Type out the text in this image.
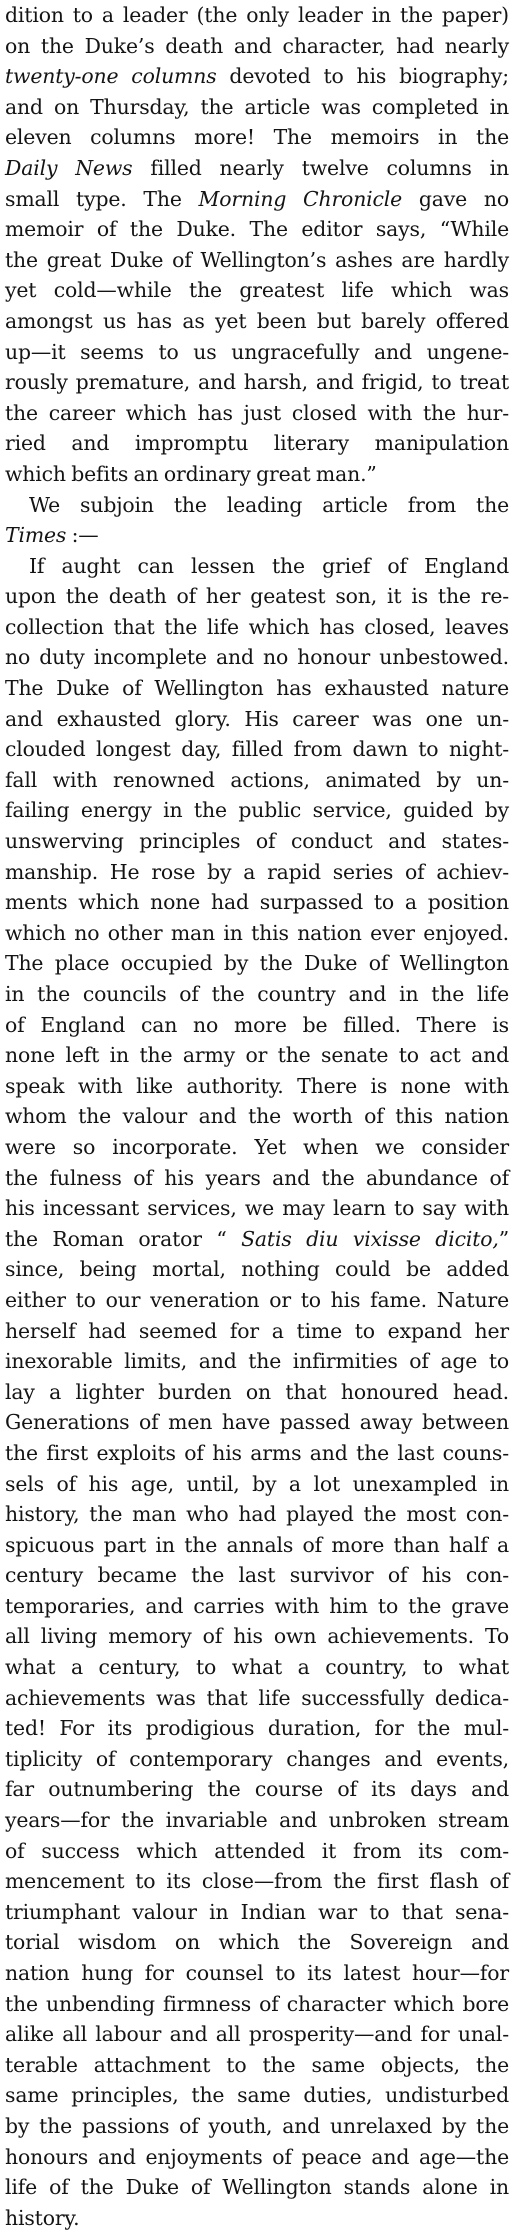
dition to a leader (the only leader in the paper)
on the Duke’s death and character, had nearly
twenty-one columns devoted to his biography;
and on Thursday, the article was completed in
eleven columns more! The memoirs in the
Daily News filled nearly twelve columns in
small type. The Morning Chronicle gave no
memoir of the Duke. The editor says, “While
the great Duke of Wellington’s ashes are hardly
yet cold—while the greatest life which was
amongst us has as yet been but barely offered
up—it seems to us ungracefully and ungene-
rously premature, and harsh, and frigid, to treat
the career which has just closed with the hur-
ried and impromptu literary manipulation
which befits an ordinary great man.”
We subjoin the leading article from the
Times :—
If aught can lessen the grief of England
upon the death of her geatest son, it is the re-
collection that the life which has closed, leaves
no duty incomplete and no honour unbestowed.
The Duke of Wellington has exhausted nature
and exhausted glory. His career was one un-
clouded longest day, filled from dawn to night-
fall with renowned actions, animated by un-
failing energy in the public service, guided by
unswerving principles of conduct and states-
manship. He rose by a rapid series of achiev-
ments which none had surpassed to a position
which no other man in this nation ever enjoyed.
The place occupied by the Duke of Wellington
in the councils of the country and in the life
of England can no more be filled. There is
none left in the army or the senate to act and
speak with like authority. There is none with
whom the valour and the worth of this nation
were so incorporate. Yet when we consider
the fulness of his years and the abundance of
his incessant services, we may learn to say with
the Roman orator “ Satis diu vixisse dicito,”
since, being mortal, nothing could be added
either to our veneration or to his fame. Nature
herself had seemed for a time to expand her
inexorable limits, and the infirmities of age to
lay a lighter burden on that honoured head.
Generations of men have passed away between
the first exploits of his arms and the last couns-
sels of his age, until, by a lot unexampled in
history, the man who had played the most con-
spicuous part in the annals of more than half a
century became the last survivor of his con-
temporaries, and carries with him to the grave
all living memory of his own achievements. To
what a century, to what a country, to what
achievements was that life successfully dedica-
ted! For its prodigious duration, for the mul-
tiplicity of contemporary changes and events,
far outnumbering the course of its days and
years—for the invariable and unbroken stream
of success which attended it from its com-
mencement to its close—from the first flash of
triumphant valour in Indian war to that sena-
torial wisdom on which the Sovereign and
nation hung for counsel to its latest hour—for
the unbending firmness of character which bore
alike all labour and all prosperity—and for unal-
terable attachment to the same objects, the
same principles, the same duties, undisturbed
by the passions of youth, and unrelaxed by the
honours and enjoyments of peace and age—the
life of the Duke of Wellington stands alone in
history.
